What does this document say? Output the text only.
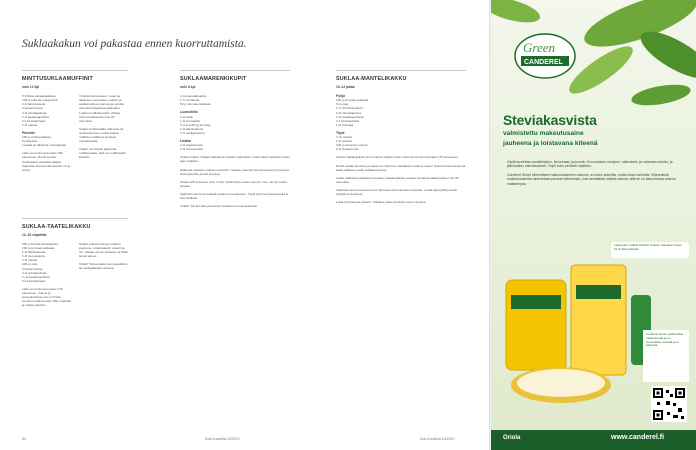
Suklaakakun voi pakastaa ennen kuorruttamista.
MINTTUSUKLAAMUFFINIT
noin 12 kpl

5 Pirkka-suklaapalakkaa
125 g voita tai margariinia
2 dl fariinisokeria
2 kananmunaa
3 dl vehnäjauhoja
1 dl kaakaojauhetta
2 tl leivinjauhetta
1 dl maitoa

Pinnoite

100 g minttusuklaata
Koristeeksi
mustaa ja valkoista marsipaania

Laita uuni kuumenemaan 200 asteeseen. Rouhi kylmät suklaapalat veitsellä paloiksi. Vaahdota huoneenlämpöinen voi ja sokeri.

Yhdistä kuiva-aineet. Lisää ne taikinaan vuorotellen maidon ja suklaarouheen kanssa ja sekoita varovasti tasaiseksi taikinaksi. Lusikoi muffinsivuokiin. Paista uunin keskitasolla noin 20 minuuttia.

Sulata minttusuklaa mikrossa tai vesihauteessa. Levitä suklaa muffinien päälle ja koristele marsipaanilla.

Vinkki! Jos käytät paperisia muffinivuokia, laita ne muffinipellin koloihin.

SUKLAA-TAATELIKAKKU
12–15 viipaletta

250 g kivettömiä taateleita
100 g tummaa suklaata
1 dl fariinisokeria
1 dl tomusokeria
1 dl maitoa
200 g voita
2 kananmunaa
4 dl vehnäjauhoja
½ dl kaakaojauhetta
2 tl leivinjauhetta

Laita uuni kuumenemaan 175 asteeseen. Voitele ja korppujauhota noin 1,5 litran vetoinen kakkuvuoka. Pilko taateliat ja suklaa paloiksi.

Sulata suklaa kuuman maidon joukossa. Lisää taatelit, sokerit ja voi. Vatkaa munat yksitellen ja lisää kuivat aineet.

Vinkki! Tarjoa kakku kermavaahdon tai vaniljajäätelön kanssa.

SUKLAAMARENKIKUPIT
noin 8 kpl

3 munanvalkuaista
1 ½ dl sokeria
50 g tummaa suklaata

Luumuhillo

1 dl vettä
1 dl punaviiniä
½ pss (100 g) luumuja
1 dl fariinisokeria
½ tl vaniljasokeria

Lisäksi

2 dl vispikermaa
1 dl tuorejuustoa

Sulata suklaa. Vatkaa valkuaiset kovaksi vaahdoksi. Lisää sokeri vähitellen koko ajan vatkaten.

Kääntele sulatettu suklaa marenkiin. Nostele marenki pursotinpussiin ja pursota leivinpaperille pieniä kuppeja.

Paista 125 asteessa noin 1 tunti. Keitä hilloa varten luumut, vesi, viini ja sokeri kasaan.

Vaahdota kerma ja sekoita joukkoon tuorejuusto. Täytä kupit kermaseoksella ja luumuhillolla.

Vinkki! Voit korvata punaviinin vedellä tai omenamehulla.

SUKLAA-MANTELIKAKKU
10–12 palaa
Pohja

100 g tummaa suklaata
3 munaa
1 ½ dl fariinisokeria
2 dl mantelijauhoa
3 rkl kaakaojauhetta
1 tl leivinjauhetta
1 dl voisulaa

Täyte

½ dl maitoa
2 dl sokeria
100 g sitruunan mehua
2 dl vispikermaa

Voitele halkaisijaltaan 24 senttinen kakkuvuoka. Laita uuni kuumenemaan 175 asteeseen.

Rouhi suklaa hienoksi ja sulata se mikrossa. Vaahdota munat ja sokeri. Sekoita kuiva-aineet ja lisää vaahtoon sulan suklaan kanssa.

Laske taikinaan tasaisesti vuokaan. Kaada taikina vuokaan ja paista kakkupohjaa noin 35 minuuttia.

Vaahdota kerma ja kuumenna mikrossa sitruunamehun kanssa. Levitä täyte jäähtyneelle pohjalle ja koristele.

Lisää tarvittaessa sokeria. Halkaise kakku ja täytä ennen tarjoilua.

64	Koti-Kuudella 23/2013	Koti-Kuudella 23/2013
Green
CANDEREL
Steviakasvista
valmistettu makeutusaine
jauheena ja loistavana kiteenä

Käytä kuolettaa sunnittelijoien, leivonnaan ja juomiin. Ennomaisen manjoen, valkoiseen ja ruskeaan kahviin, ja jälkiruokien valmistukseen. Sopii koko perheen käyttöön.

Canderel Green kiilennäisen makeutusaineen rakenne on kuten sokerilla, mutta ilman kaloreita. Kiilennäistä makeutusainetta ainnotetaan puoleet vähemmän, kuin tarvittaisiin määrä sokeria, sillä se on kaksi kertaa sokeria makeampaa.

Lataa jutun välitse kokeilu! Kokeile Canderel Green 10 % alennuksella
Canderel Green pitää tarkat maskutumaa ja on luonnollista; steviaa ja ei kaloreita.
Oriola	www.canderel.fi
